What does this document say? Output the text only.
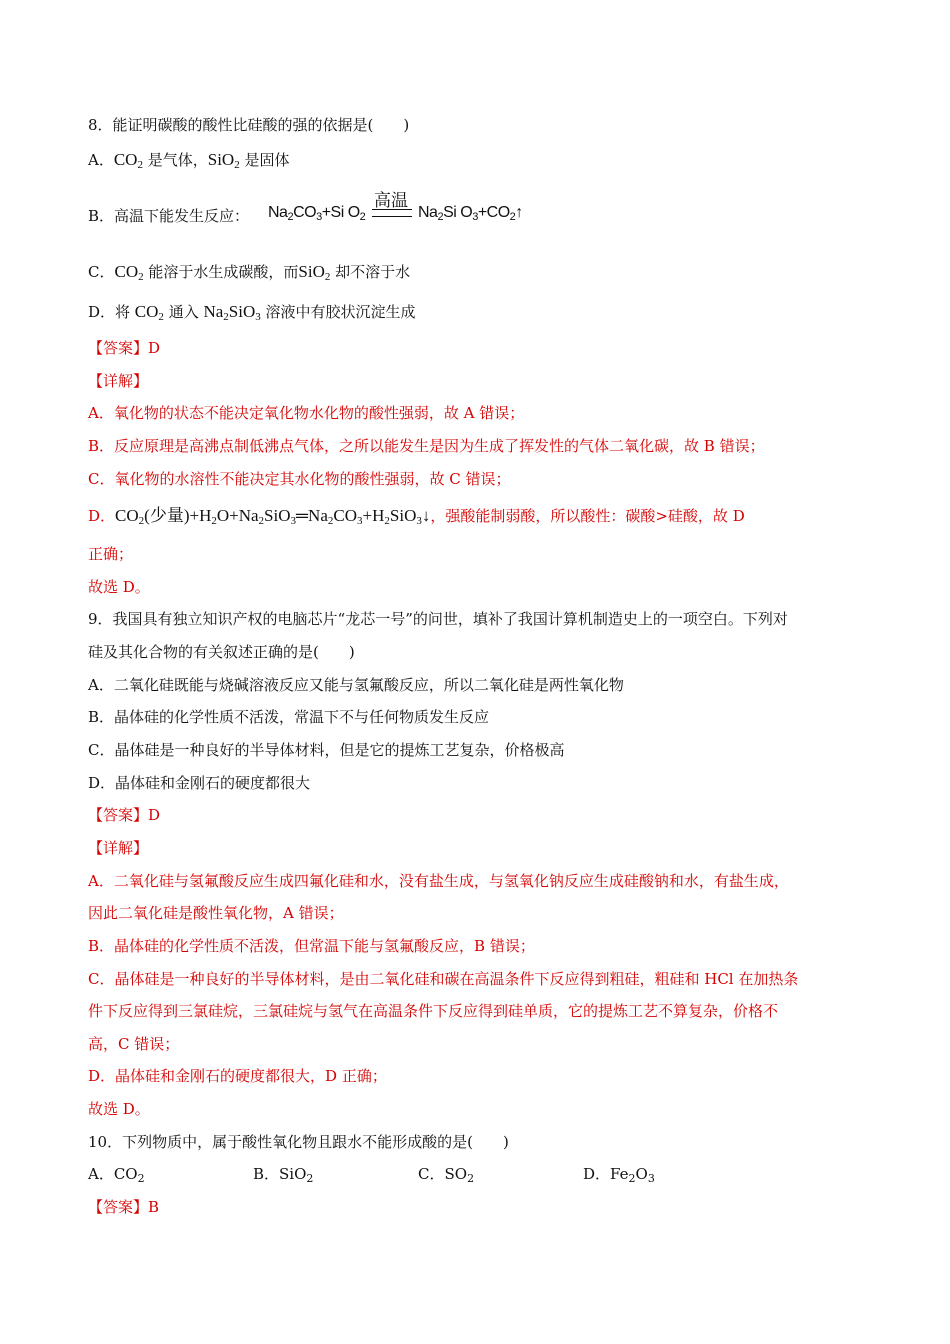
8．能证明碳酸的酸性比硅酸的强的依据是(　　)
A．$CO_2$ 是气体，SiO$_2$ 是固体
B．高温下能发生反应：
高温
$Na_2CO_3+Si$ $O_2$	$Na_2Si$ $O_3+CO_2↑$
C．$CO_2$ 能溶于水生成碳酸，而SiO$_2$ 却不溶于水
D．将 $CO_2$ 通入 $Na_2SiO_3$ 溶液中有胶状沉淀生成
【答案】D
【详解】
A．氧化物的状态不能决定氧化物水化物的酸性强弱，故 A 错误；
B．反应原理是高沸点制低沸点气体，之所以能发生是因为生成了挥发性的气体二氧化碳，故 B 错误；
C．氧化物的水溶性不能决定其水化物的酸性强弱，故 C 错误；
D．$CO_2$(少量)$+H_2O+Na_2SiO_3═Na_2CO_3+H_2SiO_3↓$，强酸能制弱酸，所以酸性：碳酸>硅酸，故 D
正确；
故选 D。
9．我国具有独立知识产权的电脑芯片“龙芯一号”的问世，填补了我国计算机制造史上的一项空白。下列对
硅及其化合物的有关叙述正确的是(　　)
A．二氧化硅既能与烧碱溶液反应又能与氢氟酸反应，所以二氧化硅是两性氧化物
B．晶体硅的化学性质不活泼，常温下不与任何物质发生反应
C．晶体硅是一种良好的半导体材料，但是它的提炼工艺复杂，价格极高
D．晶体硅和金刚石的硬度都很大
【答案】D
【详解】
A．二氧化硅与氢氟酸反应生成四氟化硅和水，没有盐生成，与氢氧化钠反应生成硅酸钠和水，有盐生成，
因此二氧化硅是酸性氧化物，A 错误；
B．晶体硅的化学性质不活泼，但常温下能与氢氟酸反应，B 错误；
C．晶体硅是一种良好的半导体材料，是由二氧化硅和碳在高温条件下反应得到粗硅，粗硅和 HCl 在加热条
件下反应得到三氯硅烷，三氯硅烷与氢气在高温条件下反应得到硅单质，它的提炼工艺不算复杂，价格不
高，C 错误；
D．晶体硅和金刚石的硬度都很大，D 正确；
故选 D。
10．下列物质中，属于酸性氧化物且跟水不能形成酸的是(　　)
A．$CO_2$	B．SiO$_2$	C．$SO_2$	D．$Fe_2O_3$
【答案】B
